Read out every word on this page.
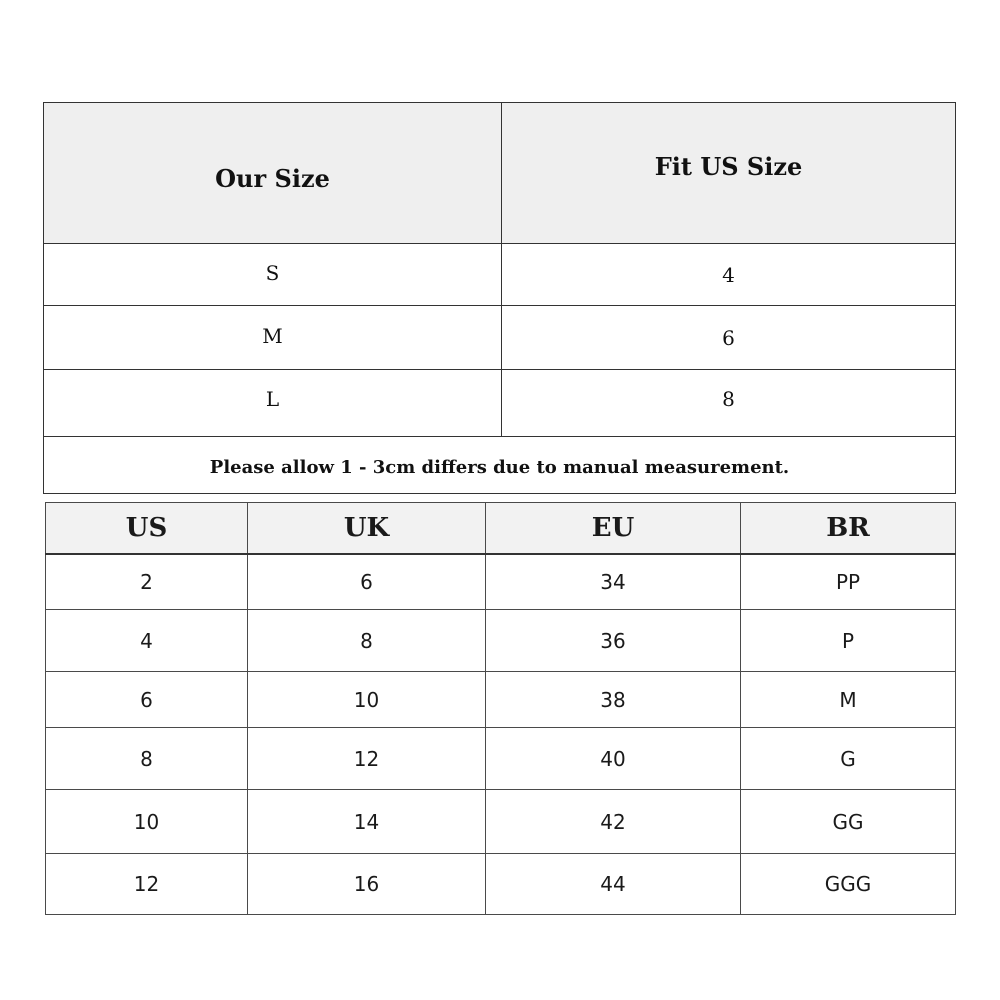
Our Size	Fit US Size
S	4
M	6
L	8
Please allow 1 - 3cm differs due to manual measurement.	
US	UK	EU	BR
2	6	34	PP
4	8	36	P
6	10	38	M
8	12	40	G
10	14	42	GG
12	16	44	GGG
